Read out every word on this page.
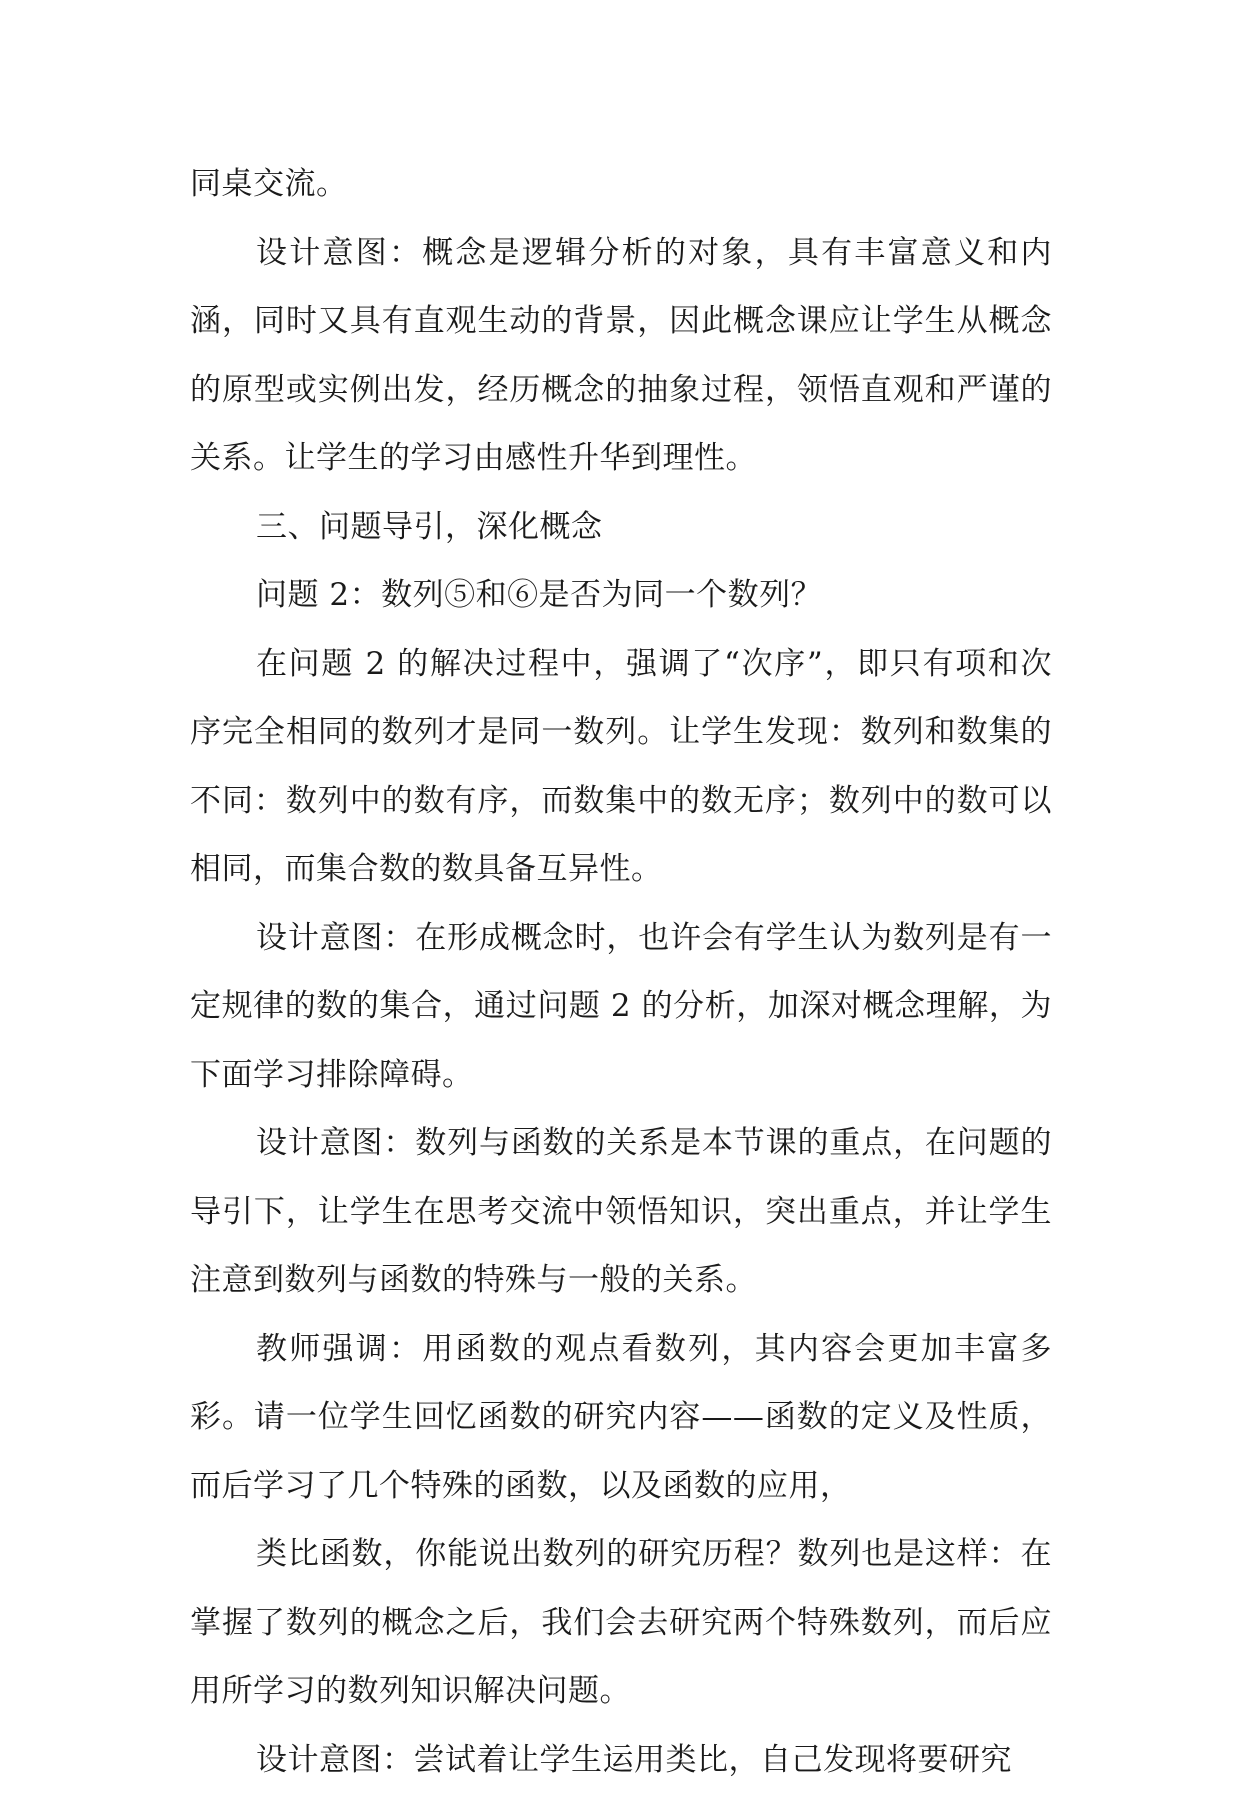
同桌交流。

设计意图：概念是逻辑分析的对象，具有丰富意义和内涵，同时又具有直观生动的背景，因此概念课应让学生从概念的原型或实例出发，经历概念的抽象过程，领悟直观和严谨的关系。让学生的学习由感性升华到理性。

三、问题导引，深化概念

问题 2：数列⑤和⑥是否为同一个数列？

在问题 2 的解决过程中，强调了“次序”，即只有项和次序完全相同的数列才是同一数列。让学生发现：数列和数集的不同：数列中的数有序，而数集中的数无序；数列中的数可以相同，而集合数的数具备互异性。

设计意图：在形成概念时，也许会有学生认为数列是有一定规律的数的集合，通过问题 2 的分析，加深对概念理解，为下面学习排除障碍。

设计意图：数列与函数的关系是本节课的重点，在问题的导引下，让学生在思考交流中领悟知识，突出重点，并让学生注意到数列与函数的特殊与一般的关系。

教师强调：用函数的观点看数列，其内容会更加丰富多彩。请一位学生回忆函数的研究内容——函数的定义及性质，而后学习了几个特殊的函数，以及函数的应用，

类比函数，你能说出数列的研究历程？数列也是这样：在掌握了数列的概念之后，我们会去研究两个特殊数列，而后应用所学习的数列知识解决问题。

设计意图：尝试着让学生运用类比，自己发现将要研究
